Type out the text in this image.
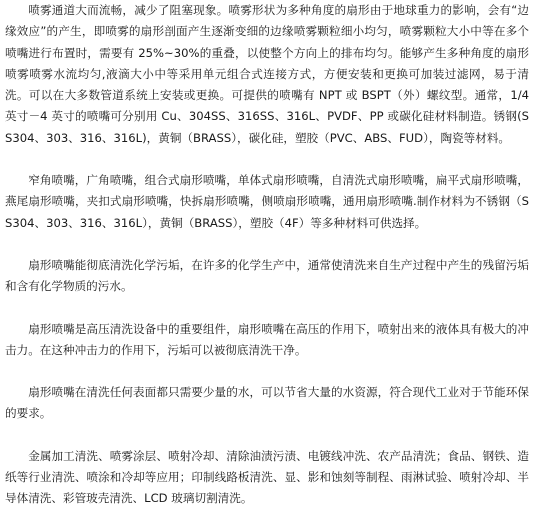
喷雾通道大而流畅，减少了阻塞现象。喷雾形状为多种角度的扇形由于地球重力的影响，会有“边缘效应”的产生，即喷雾的扇形剖面产生逐渐变细的边缘喷雾颗粒细小均匀，喷雾颗粒大小中等在多个喷嘴进行布置时，需要有 25%~30%的重叠，以使整个方向上的排布均匀。能够产生多种角度的扇形喷雾喷雾水流均匀,液滴大小中等采用单元组合式连接方式，方便安装和更换可加装过滤网，易于清洗。可以在大多数管道系统上安装或更换。可提供的喷嘴有 NPT 或 BSPT（外）螺纹型。通常，1/4 英寸－4 英寸的喷嘴可分别用 Cu、304SS、316SS、316L、PVDF、PP 或碳化硅材料制造。锈钢(SS304、303、316、316L)，黄铜（BRASS），碳化硅，塑胶（PVC、ABS、FUD），陶瓷等材料。

窄角喷嘴，广角喷嘴，组合式扇形喷嘴，单体式扇形喷嘴，自清洗式扇形喷嘴，扁平式扇形喷嘴，燕尾扇形喷嘴，夹扣式扇形喷嘴，快拆扇形喷嘴，侧喷扇形喷嘴，通用扇形喷嘴.制作材料为不锈钢（SS304、303、316、316L），黄铜（BRASS），塑胶（4F）等多种材料可供选择。

扇形喷嘴能彻底清洗化学污垢，在许多的化学生产中，通常使清洗来自生产过程中产生的残留污垢和含有化学物质的污水。

扇形喷嘴是高压清洗设备中的重要组件，扇形喷嘴在高压的作用下，喷射出来的液体具有极大的冲击力。在这种冲击力的作用下，污垢可以被彻底清洗干净。

扇形喷嘴在清洗任何表面都只需要少量的水，可以节省大量的水资源，符合现代工业对于节能环保的要求。

金属加工清洗、喷雾涂层、喷射冷却、清除油渍污渍、电镀线冲洗、农产品清洗；食品、钢铁、造纸等行业清洗、喷涂和冷却等应用；印制线路板清洗、显、影和蚀刻等制程、雨淋试验、喷射冷却、半导体清洗、彩管玻壳清洗、LCD 玻璃切割清洗。
